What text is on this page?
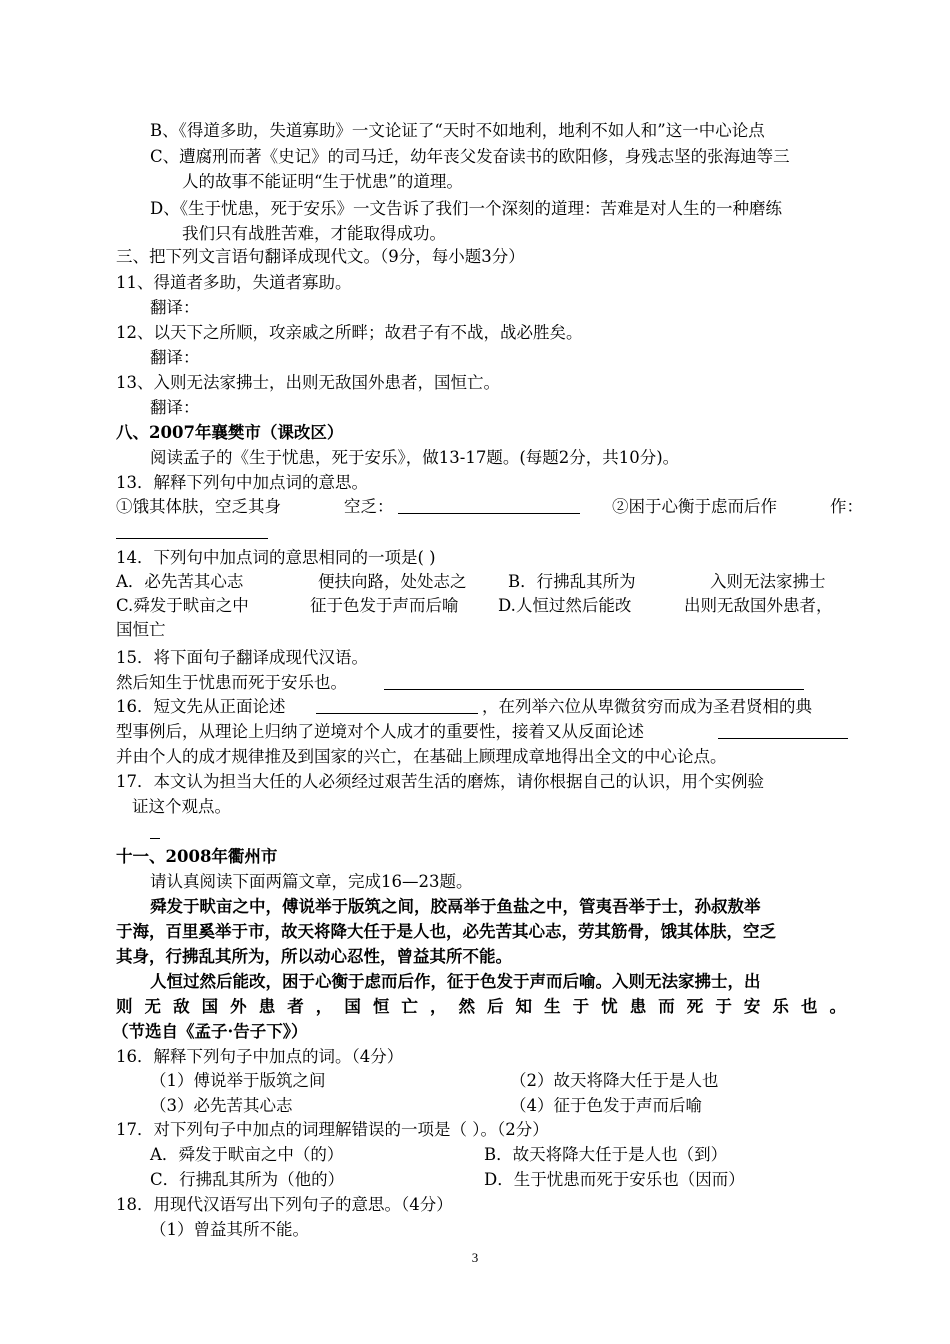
B、《得道多助，失道寡助》一文论证了“天时不如地利，地利不如人和”这一中心论点
C、遭腐刑而著《史记》的司马迁，幼年丧父发奋读书的欧阳修，身残志坚的张海迪等三
人的故事不能证明“生于忧患”的道理。
D、《生于忧患，死于安乐》一文告诉了我们一个深刻的道理：苦难是对人生的一种磨练
我们只有战胜苦难，才能取得成功。
三、把下列文言语句翻译成现代文。（9分，每小题3分）
11、得道者多助，失道者寡助。
翻译：
12、以天下之所顺，攻亲戚之所畔；故君子有不战，战必胜矣。
翻译：
13、入则无法家拂士，出则无敌国外患者，国恒亡。
翻译：
八、2007年襄樊市（课改区）
阅读孟子的《生于忧患，死于安乐》，做13-17题。(每题2分，共10分)。
13．解释下列句中加点词的意思。
①饿其体肤，空乏其身	空乏：	②困于心衡于虑而后作	作：
14．下列句中加点词的意思相同的一项是( )
A．必先苦其心志	便扶向路，处处志之	B．行拂乱其所为	入则无法家拂士
C.舜发于畎亩之中	征于色发于声而后喻 D.人恒过然后能改	出则无敌国外患者，
国恒亡
15．将下面句子翻译成现代汉语。
然后知生于忧患而死于安乐也。
16．短文先从正面论述	，在列举六位从卑微贫穷而成为圣君贤相的典
型事例后，从理论上归纳了逆境对个人成才的重要性，接着又从反面论述
并由个人的成才规律推及到国家的兴亡，在基础上顾理成章地得出全文的中心论点。
17．本文认为担当大任的人必须经过艰苦生活的磨炼，请你根据自己的认识，用个实例验
证这个观点。
十一、2008年衢州市
请认真阅读下面两篇文章，完成16—23题。
舜发于畎亩之中，傅说举于版筑之间，胶鬲举于鱼盐之中，管夷吾举于士，孙叔敖举
于海，百里奚举于市，故天将降大任于是人也，必先苦其心志，劳其筋骨，饿其体肤，空乏
其身，行拂乱其所为，所以动心忍性，曾益其所不能。
人恒过然后能改，困于心衡于虑而后作，征于色发于声而后喻。入则无法家拂士，出
则无敌国外患者，国恒亡，然后知生于忧患而死于安乐也。
（节选自《孟子·告子下》）
16．解释下列句子中加点的词。（4分）
（1）傅说举于版筑之间	（2）故天将降大任于是人也
（3）必先苦其心志	（4）征于色发于声而后喻
17．对下列句子中加点的词理解错误的一项是（ ）。（2分）
A．舜发于畎亩之中（的）	B．故天将降大任于是人也（到）
C．行拂乱其所为（他的）	D．生于忧患而死于安乐也（因而）
18．用现代汉语写出下列句子的意思。（4分）
（1）曾益其所不能。
3
